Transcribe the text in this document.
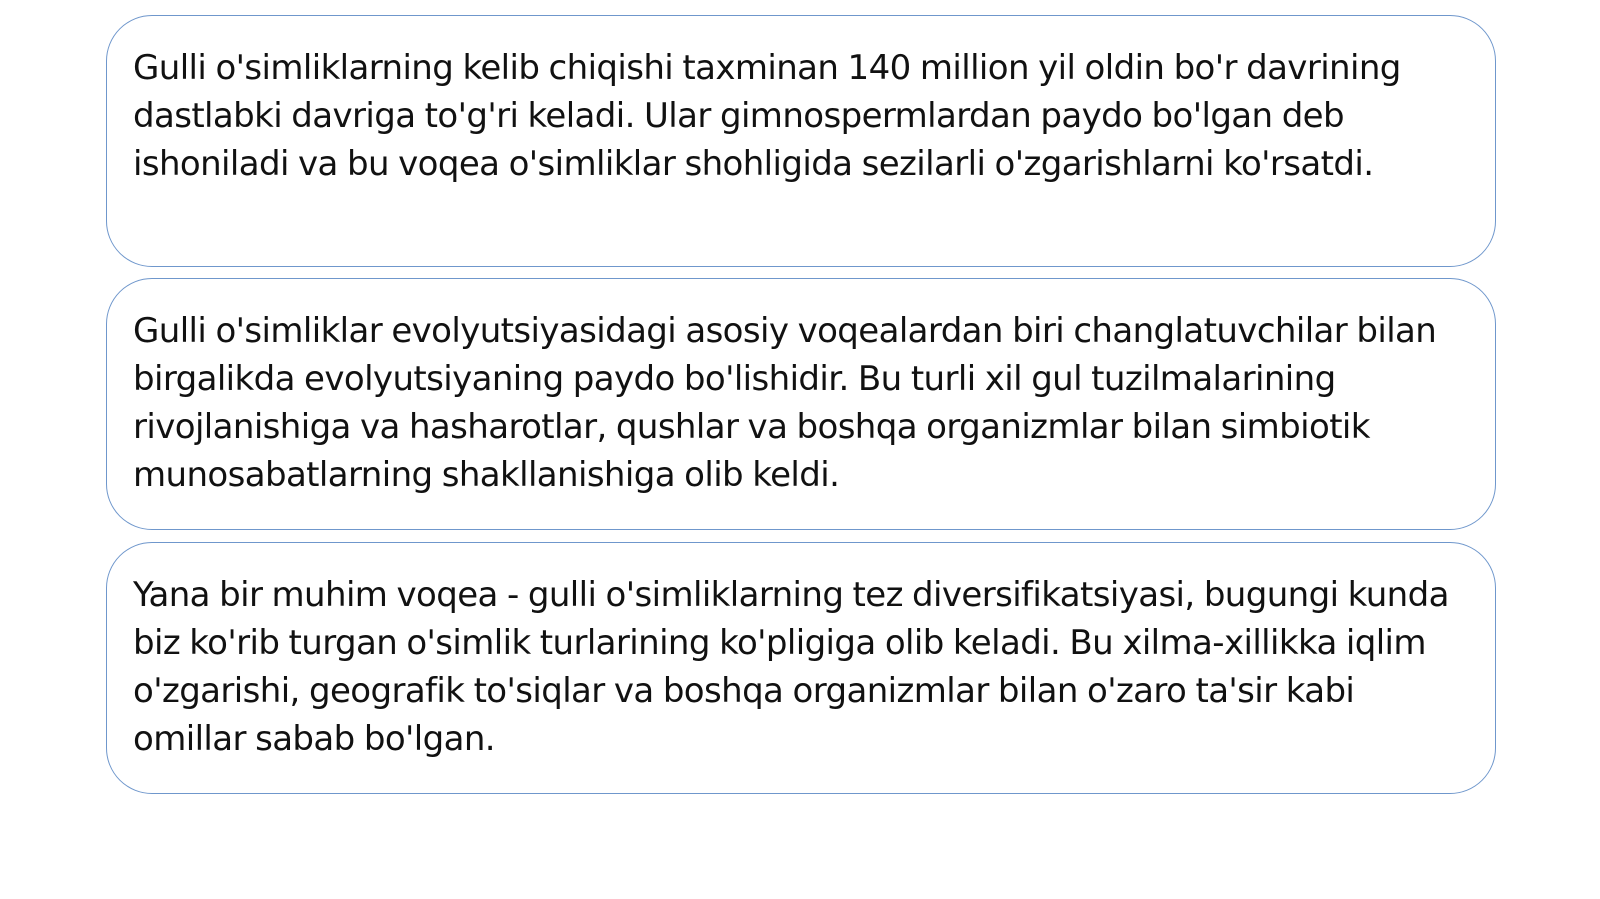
Gulli o'simliklarning kelib chiqishi taxminan 140 million yil oldin bo'r davrining dastlabki davriga to'g'ri keladi. Ular gimnospermlardan paydo bo'lgan deb ishoniladi va bu voqea o'simliklar shohligida sezilarli o'zgarishlarni ko'rsatdi.

Gulli o'simliklar evolyutsiyasidagi asosiy voqealardan biri changlatuvchilar bilan birgalikda evolyutsiyaning paydo bo'lishidir. Bu turli xil gul tuzilmalarining rivojlanishiga va hasharotlar, qushlar va boshqa organizmlar bilan simbiotik munosabatlarning shakllanishiga olib keldi.

Yana bir muhim voqea - gulli o'simliklarning tez diversifikatsiyasi, bugungi kunda biz ko'rib turgan o'simlik turlarining ko'pligiga olib keladi. Bu xilma-xillikka iqlim o'zgarishi, geografik to'siqlar va boshqa organizmlar bilan o'zaro ta'sir kabi omillar sabab bo'lgan.
